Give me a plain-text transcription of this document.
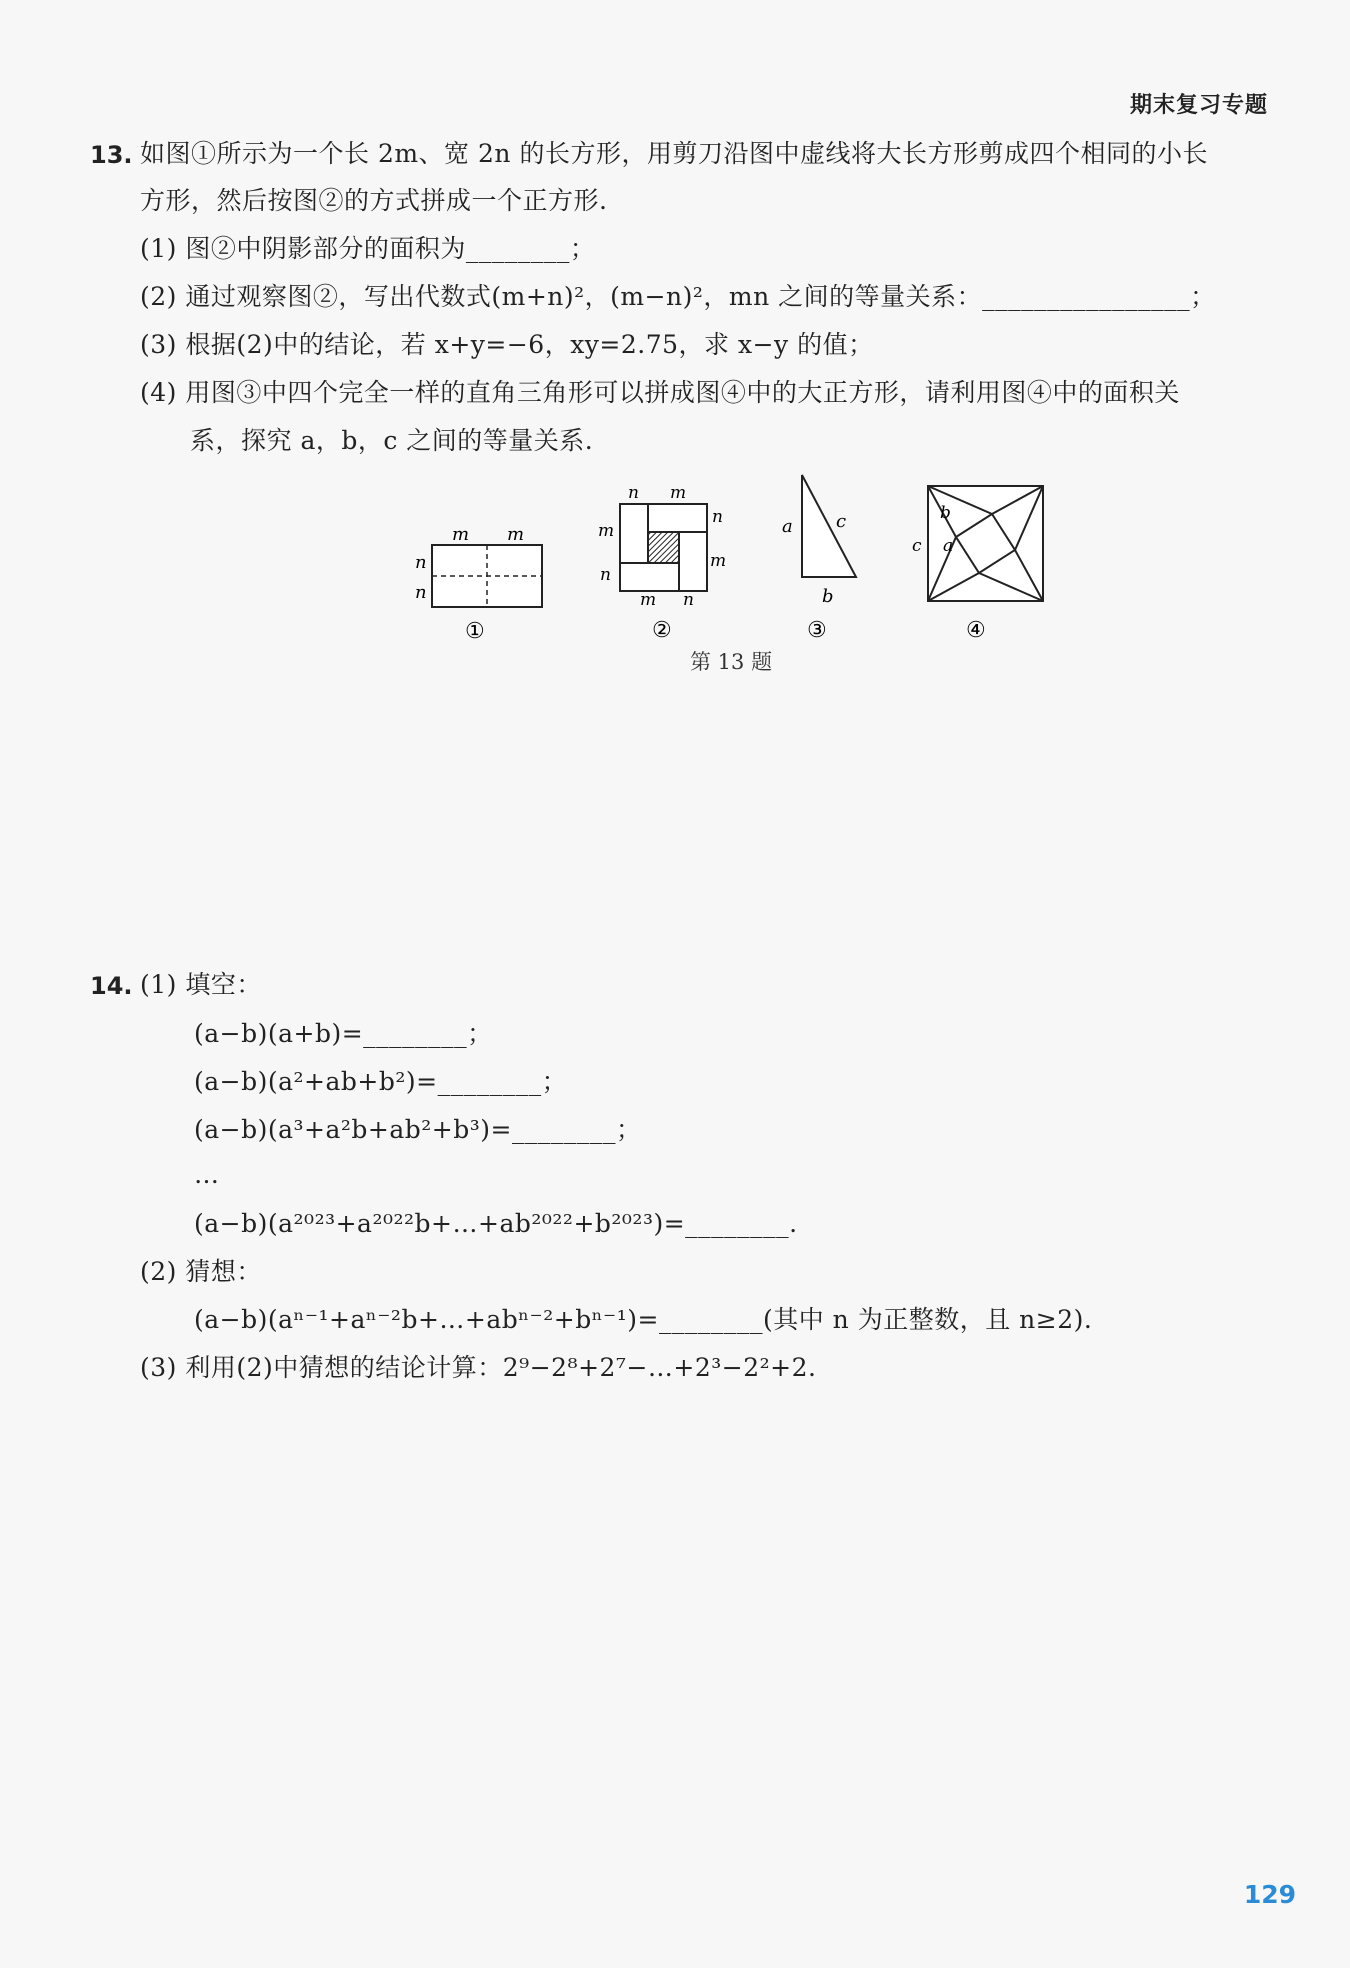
期末复习专题
13. 如图①所示为一个长 2m、宽 2n 的长方形，用剪刀沿图中虚线将大长方形剪成四个相同的小长
方形，然后按图②的方式拼成一个正方形.
(1) 图②中阴影部分的面积为________；
(2) 通过观察图②，写出代数式(m+n)²，(m−n)²，mn 之间的等量关系：________________；
(3) 根据(2)中的结论，若 x+y=−6，xy=2.75，求 x−y 的值；
(4) 用图③中四个完全一样的直角三角形可以拼成图④中的大正方形，请利用图④中的面积关
系，探究 a，b，c 之间的等量关系.
m m
n
n
①
n m
m
n
n
m
m n
②
a c
b
③
b
c a
④
第 13 题
14. (1) 填空：
(a−b)(a+b)=________；
(a−b)(a²+ab+b²)=________；
(a−b)(a³+a²b+ab²+b³)=________；
…
(a−b)(a²⁰²³+a²⁰²²b+…+ab²⁰²²+b²⁰²³)=________.
(2) 猜想：
(a−b)(aⁿ⁻¹+aⁿ⁻²b+…+abⁿ⁻²+bⁿ⁻¹)=________(其中 n 为正整数，且 n≥2).
(3) 利用(2)中猜想的结论计算：2⁹−2⁸+2⁷−…+2³−2²+2.
129
